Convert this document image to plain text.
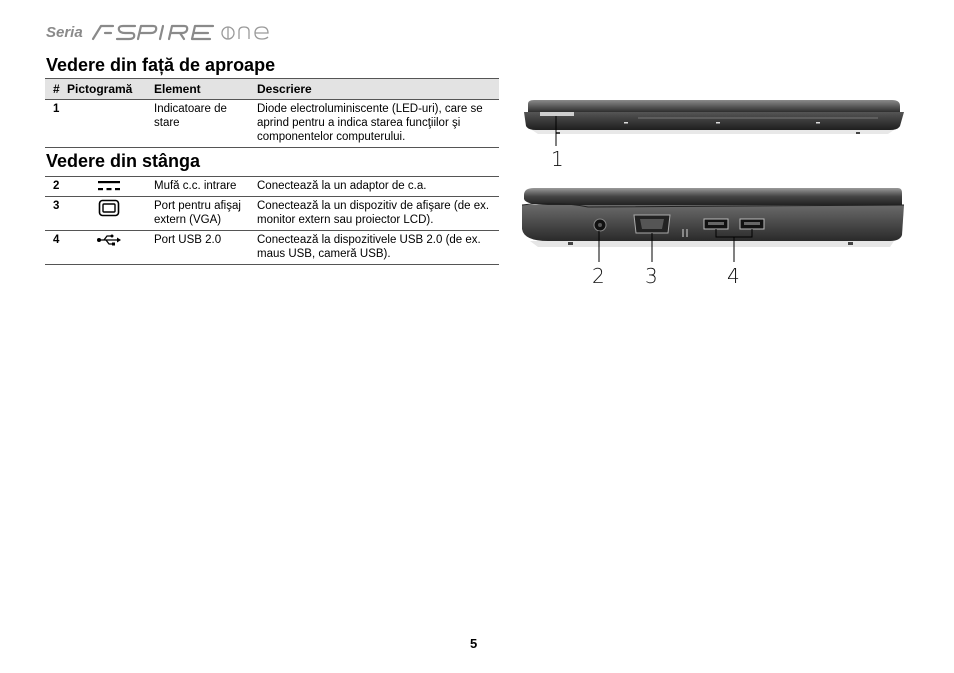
Seria
Vedere din față de aproape
#	Pictogramă	Element	Descriere
1		Indicatoare de stare	Diode electroluminiscente (LED-uri), care se aprind pentru a indica starea funcţiilor şi componentelor computerului.
Vedere din stânga
2		Mufă c.c. intrare	Conectează la un adaptor de c.a.
3		Port pentru afişaj extern (VGA)	Conectează la un dispozitiv de afişare (de ex. monitor extern sau proiector LCD).
4		Port USB 2.0	Conectează la dispozitivele USB 2.0 (de ex. maus USB, cameră USB).
1
2 3	4
5
